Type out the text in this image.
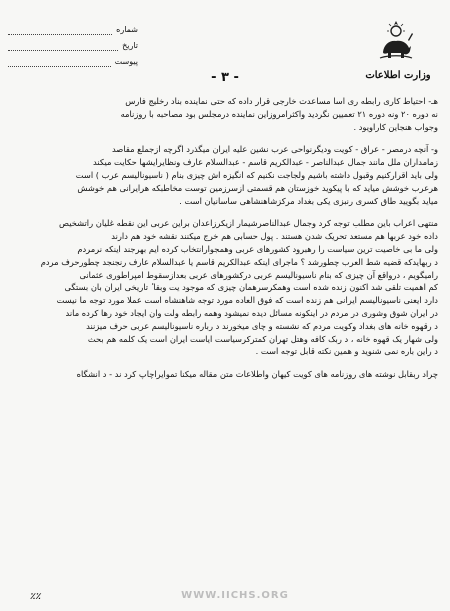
شماره
تاریخ
پیوست
وزارت اطلاعات
- ۳ -
هـ- احتیاط کاری رابطه ری اسا مساعدت خارجی قرار داده که حتی نماینده بناد رخلیج فارس
نه دوره ۲۰ ونه دوره ۲۱ تعمیین نگردید واکثرامروزاین نماینده درمجلس بود مصاحبه با روزنامه
وجواب هنجاین کاراویود .
و- آنچه درمصر - عراق - کویت ودیگرنواحی عرب نشین علیه ایران میگذرد اگرچه ازجملع مقاصد
زمامداران ملل مانند جمال عبدالناصر - عبدالکریم قاسم - عبدالسلام عارف ونظایرایشها حکایت میکند
ولی باید اقرارکنیم وقبول داشته باشیم ولجاجت نکنیم که انگیزه اش چیزی بنام ( ناسیونالیسم عرب ) است
هرعرب خوشش میاید که با پیکوید خوزستان هم قسمتی ازسرزمین توست مخاطبکه هرایرانی هم خوشش
میاید بگویید طاق کسری رنبزی یکی بغداد مرکزشاهنشاهی ساسانیان است .
منتهی اعراب باین مطلب توجه کرد وجمال عبدالناصرشیمار ازیکرزاعدان براین عربی این نقطه غلیان راتشخیص
داده خود عربها هم مستعد تحریک شدن هستند . پول حسابی هم خرج میکنند نقشه خود هم دارند
ولی ما بی خاصیت ترین سیاست را رهبرود کشورهای عربی وهمجوارانتخاب کرده ایم بهرجند اینکه نرمردم
د ربهایدکه قضیه شط العرب چطورشد ؟ ماجرای اینکه عبدالکریم قاسم یا عبدالسلام عارف رنجنجد چطورحرف مردم
رامیگویم ، درواقع آن چیزی که بنام ناسیونالیسم عربی درکشورهای عربی بعدازسقوط امپراطوری عثمانی
کم اهمیت تلقی شد اکنون زنده شده است وهمکرسرهمان چیزی که موجود یت وبقا ٔ تاریخی ایران بان بستگی
دارد ایعنی ناسیونالیسم ایرانی هم زنده است که فوق العاده مورد توجه شاهنشاه است عملا مورد توجه ما نیست
در ایران شوق وشوری در مردم در اینکونه مسائل دیده نمیشود وهمه رابطه ولت وان ایجاد خود رها کرده ماند
د رقهوه خانه های بغداد وکویت مردم که نشسته و چای میخورند د رباره ناسیونالیسم عربی حرف میزنند
ولی شهار یک قهوه خانه ، د ربک کافه وهتل تهران کمترکرسیاست ایاست ایران است یک کلمه هم بحث
د راین باره نمی شنوید و همین نکته قابل توجه است .
چراد ربقابل نوشته های روزنامه های کویت کیهان واطلاعات متن مقاله میکنا تموایراچاپ کرد ند - د انشگاه
٪٪	WWW.IICHS.ORG
